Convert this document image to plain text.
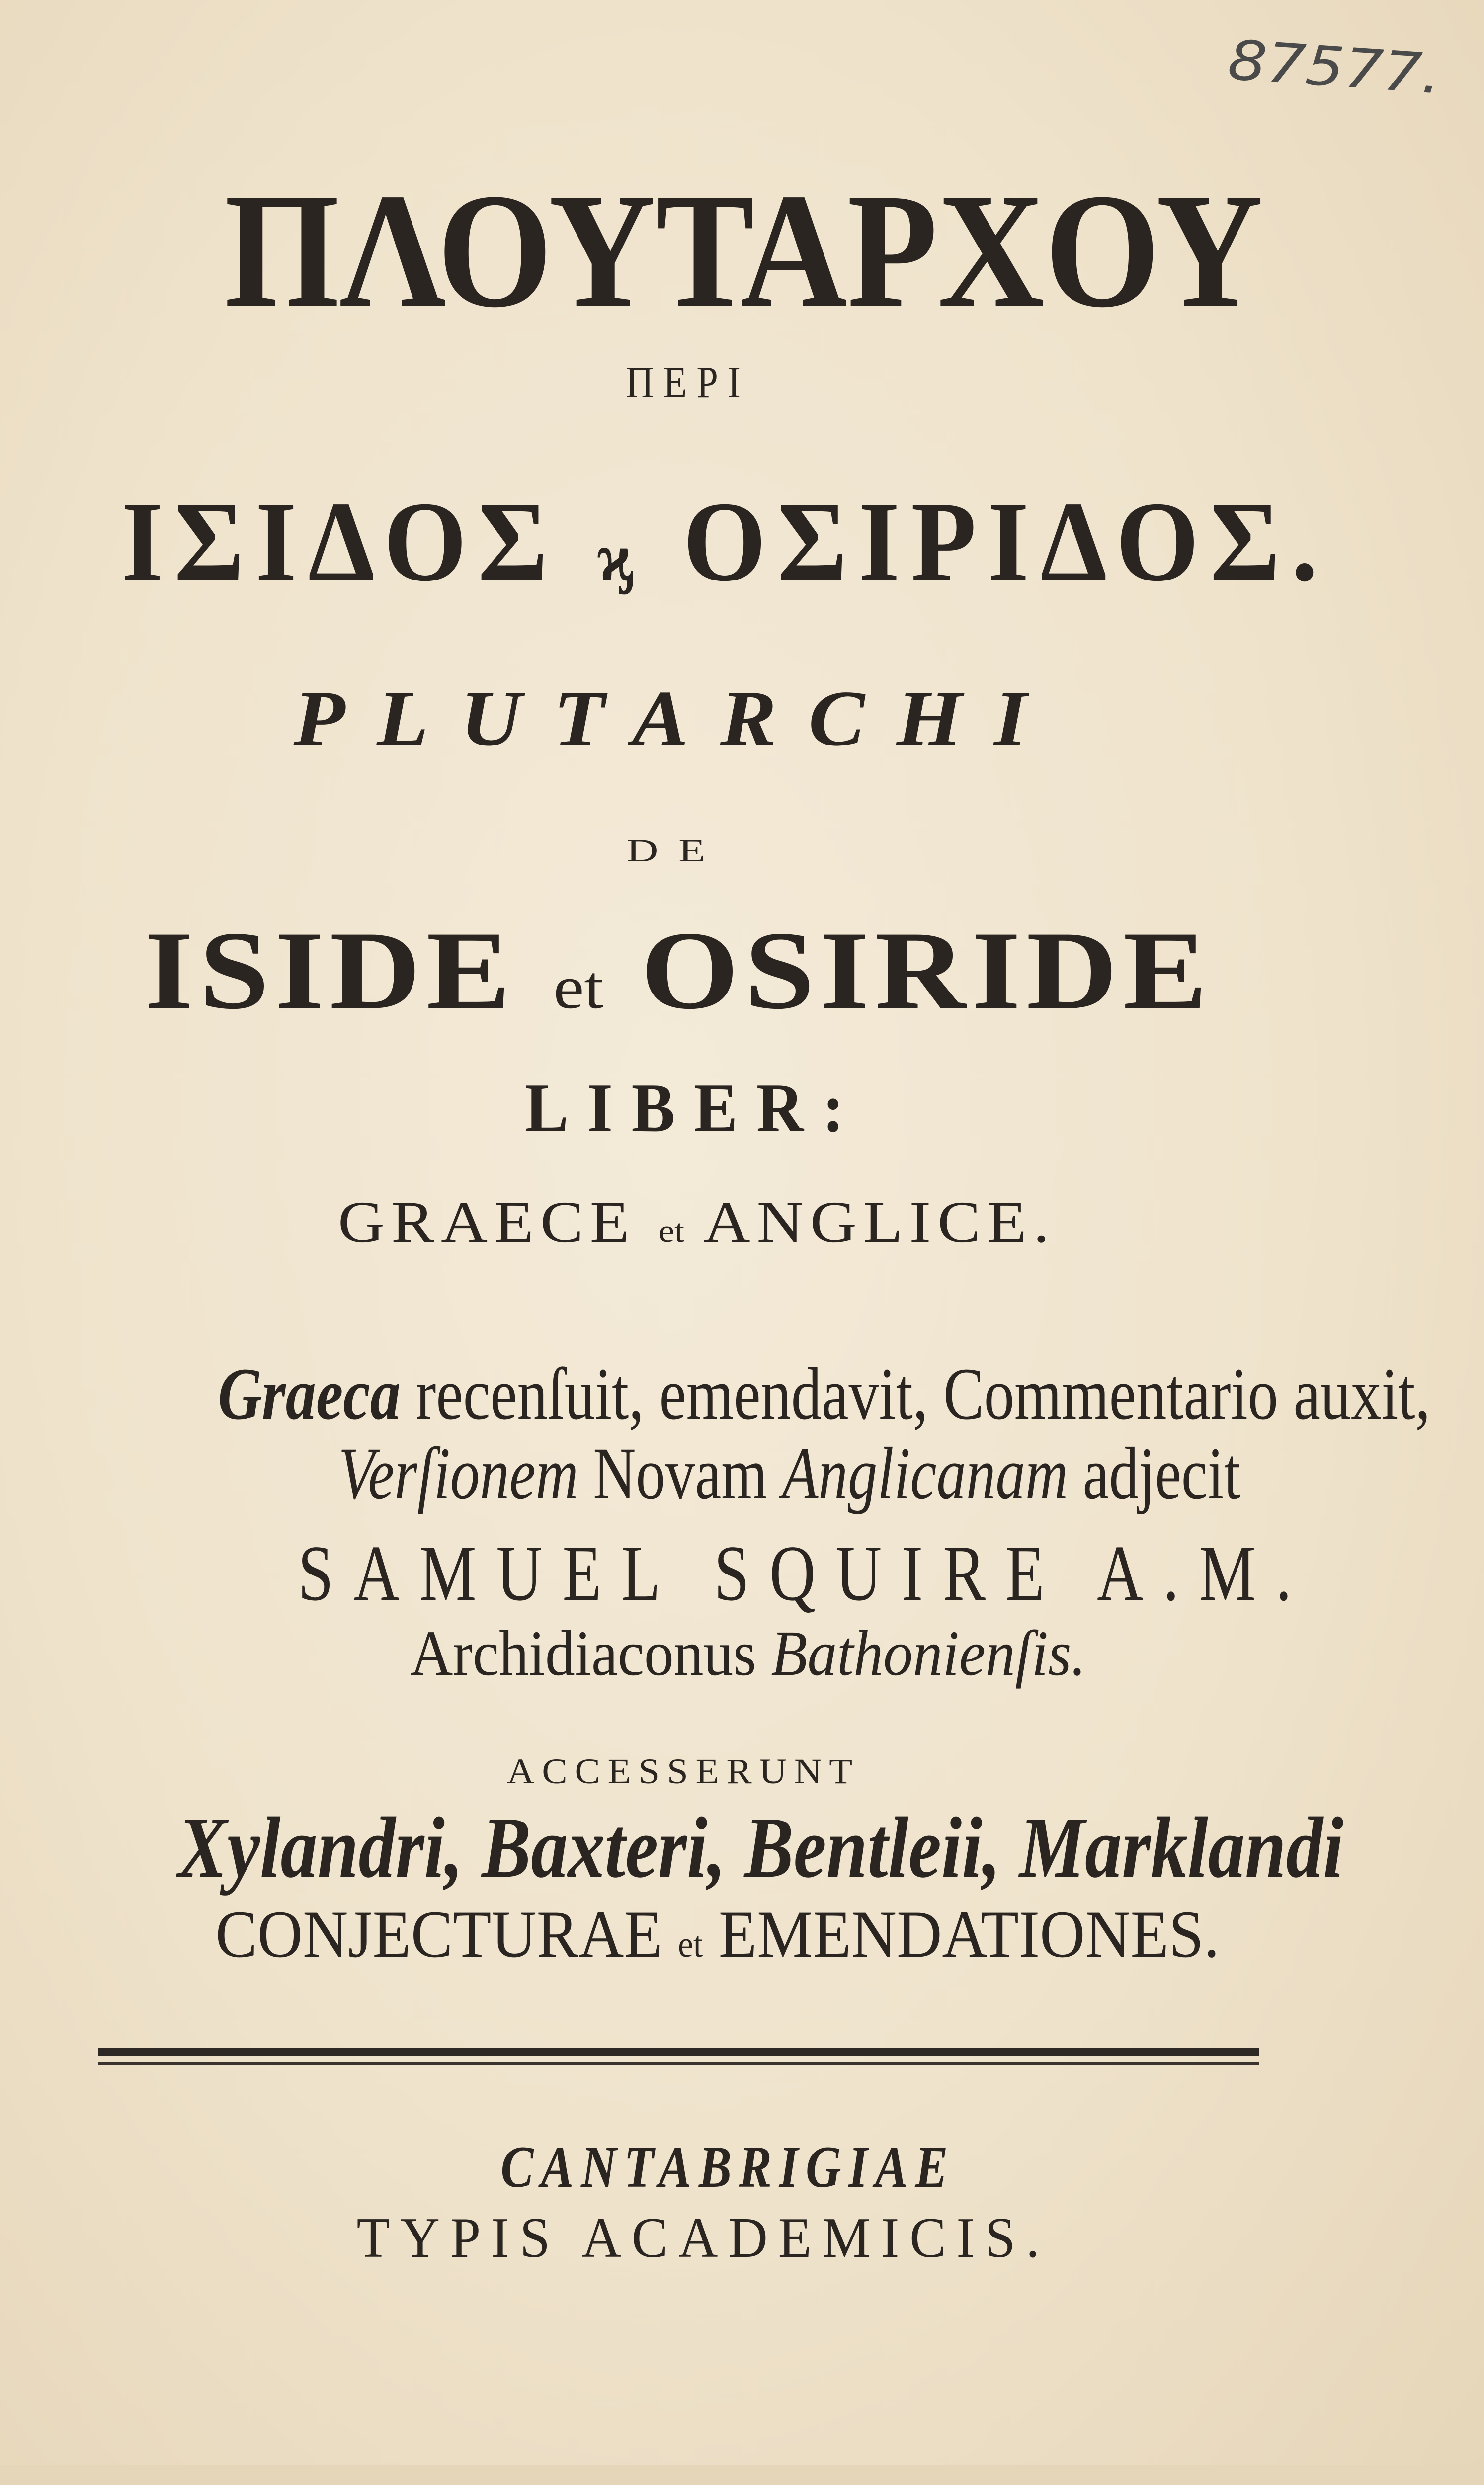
87577.
ΠΛΟΥΤΑΡΧΟΥ
ΠΕΡΙ
ΙΣΙΔΟΣ ϗ ΟΣΙΡΙΔΟΣ.
PLUTARCHI
DE
ISIDE et OSIRIDE
LIBER:
GRAECE et ANGLICE.
Graeca recenſuit, emendavit, Commentario auxit,
Verſionem Novam Anglicanam adjecit
SAMUEL SQUIRE A.M.
Archidiaconus Bathonienſis.
ACCESSERUNT
Xylandri, Baxteri, Bentleii, Marklandi
CONJECTURAE et EMENDATIONES.
CANTABRIGIAE
TYPIS ACADEMICIS.
